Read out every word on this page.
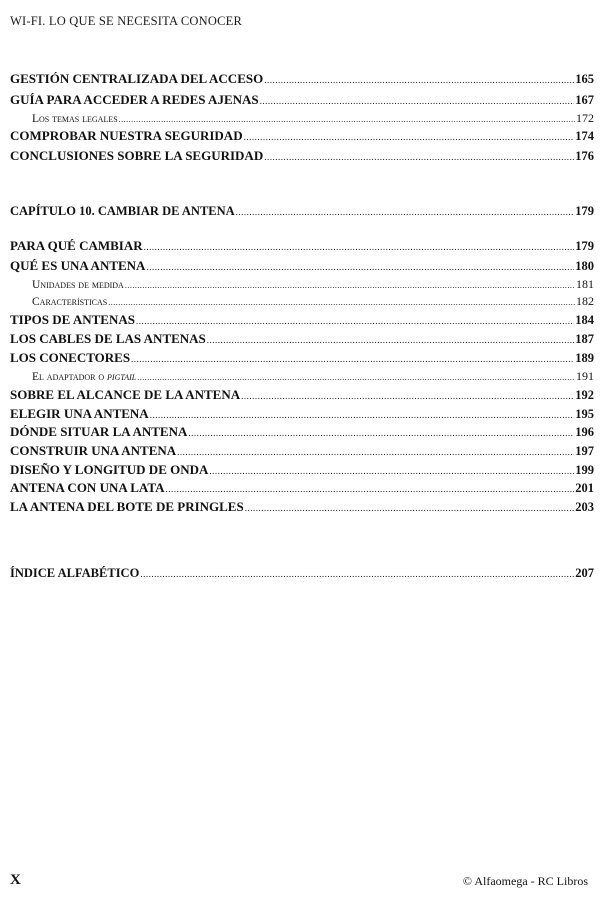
WI-FI. LO QUE SE NECESITA CONOCER
GESTIÓN CENTRALIZADA DEL ACCESO .....	165
GUÍA PARA ACCEDER A REDES AJENAS .....	167
Los temas legales .....	172
COMPROBAR NUESTRA SEGURIDAD .....	174
CONCLUSIONES SOBRE LA SEGURIDAD .....	176
CAPÍTULO 10. CAMBIAR DE ANTENA .....	179
PARA QUÉ CAMBIAR .....	179
QUÉ ES UNA ANTENA .....	180
Unidades de medida .....	181
Características .....	182
TIPOS DE ANTENAS .....	184
LOS CABLES DE LAS ANTENAS .....	187
LOS CONECTORES .....	189
El adaptador o pigtail .....	191
SOBRE EL ALCANCE DE LA ANTENA .....	192
ELEGIR UNA ANTENA .....	195
DÓNDE SITUAR LA ANTENA .....	196
CONSTRUIR UNA ANTENA .....	197
DISEÑO Y LONGITUD DE ONDA .....	199
ANTENA CON UNA LATA .....	201
LA ANTENA DEL BOTE DE PRINGLES .....	203
ÍNDICE ALFABÉTICO .....	207
X	© Alfaomega - RC Libros
